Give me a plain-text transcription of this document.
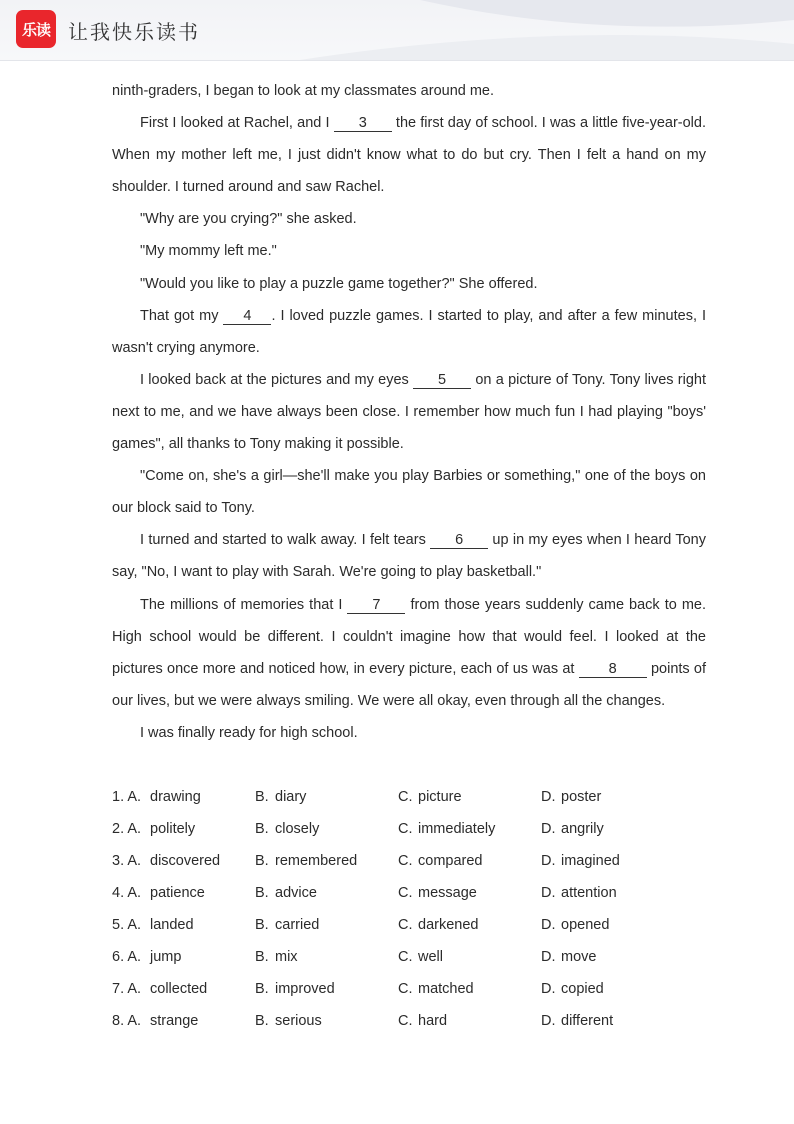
乐读 让我快乐读书

ninth-graders, I began to look at my classmates around me.

First I looked at Rachel, and I 3 the first day of school. I was a little five-year-old. When my mother left me, I just didn't know what to do but cry. Then I felt a hand on my shoulder. I turned around and saw Rachel.

"Why are you crying?" she asked.

"My mommy left me."

"Would you like to play a puzzle game together?" She offered.

That got my 4 . I loved puzzle games. I started to play, and after a few minutes, I wasn't crying anymore.

I looked back at the pictures and my eyes 5 on a picture of Tony. Tony lives right next to me, and we have always been close. I remember how much fun I had playing "boys' games", all thanks to Tony making it possible.

"Come on, she's a girl—she'll make you play Barbies or something," one of the boys on our block said to Tony.

I turned and started to walk away. I felt tears 6 up in my eyes when I heard Tony say, "No, I want to play with Sarah. We're going to play basketball."

The millions of memories that I 7 from those years suddenly came back to me. High school would be different. I couldn't imagine how that would feel. I looked at the pictures once more and noticed how, in every picture, each of us was at 8 points of our lives, but we were always smiling. We were all okay, even through all the changes.

I was finally ready for high school.

1. A. drawing	B. diary	C. picture	D. poster
2. A. politely	B. closely	C. immediately	D. angrily
3. A. discovered	B. remembered	C. compared	D. imagined
4. A. patience	B. advice	C. message	D. attention
5. A. landed	B. carried	C. darkened	D. opened
6. A. jump	B. mix	C. well	D. move
7. A. collected	B. improved	C. matched	D. copied
8. A. strange	B. serious	C. hard	D. different
